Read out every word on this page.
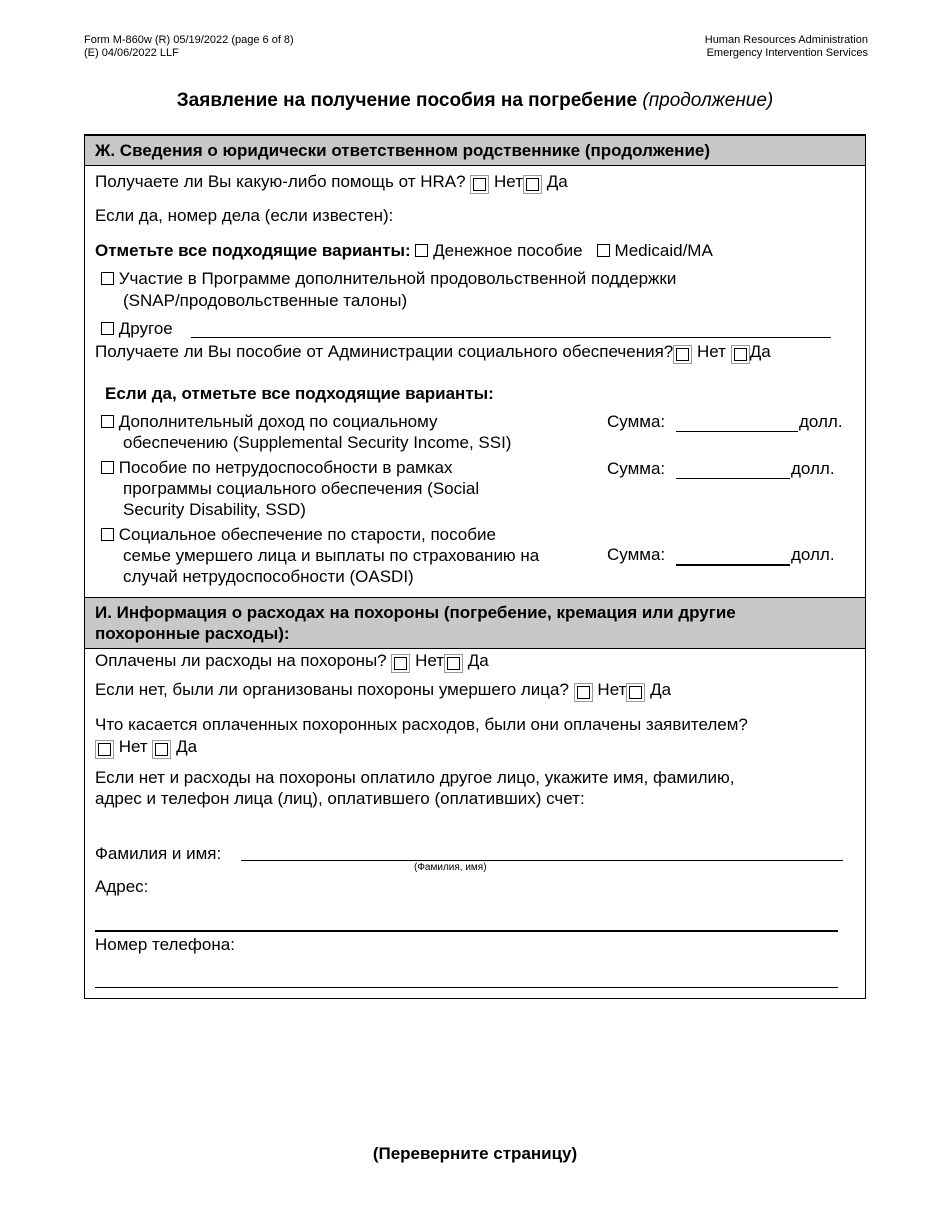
Form M-860w (R) 05/19/2022 (page 6 of 8)
(E) 04/06/2022 LLF
Human Resources Administration
Emergency Intervention Services
Заявление на получение пособия на погребение (продолжение)
Ж. Сведения о юридически ответственном родственнике (продолжение)
Получаете ли Вы какую-либо помощь от HRA? Нет Да
Если да, номер дела (если известен):
Отметьте все подходящие варианты: Денежное пособие Medicaid/MA
Участие в Программе дополнительной продовольственной поддержки
(SNAP/продовольственные талоны)
Другое
Получаете ли Вы пособие от Администрации социального обеспечения? Нет Да
Если да, отметьте все подходящие варианты:
Дополнительный доход по социальному
обеспечению (Supplemental Security Income, SSI)
Сумма:	долл.
Пособие по нетрудоспособности в рамках
программы социального обеспечения (Social
Security Disability, SSD)
Сумма:	долл.
Социальное обеспечение по старости, пособие
семье умершего лица и выплаты по страхованию на
случай нетрудоспособности (OASDI)
Сумма:	долл.
И. Информация о расходах на похороны (погребение, кремация или другие
похоронные расходы):
Оплачены ли расходы на похороны? Нет Да
Если нет, были ли организованы похороны умершего лица? Нет Да
Что касается оплаченных похоронных расходов, были они оплачены заявителем?
Нет Да
Если нет и расходы на похороны оплатило другое лицо, укажите имя, фамилию,
адрес и телефон лица (лиц), оплатившего (оплативших) счет:
Фамилия и имя:
(Фамилия, имя)
Адрес:
Номер телефона:
(Переверните страницу)
